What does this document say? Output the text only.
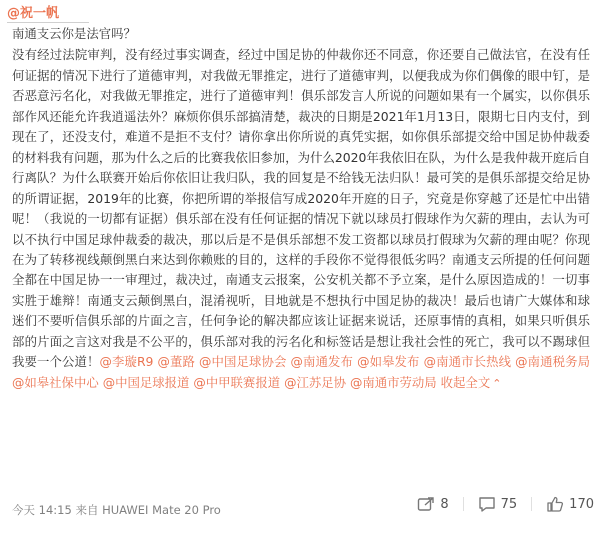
@祝一帆

南通支云你是法官吗？

没有经过法院审判，没有经过事实调查，经过中国足协的仲裁你还不同意，你还要自己做法官，在没有任何证据的情况下进行了道德审判，对我做无罪推定，进行了道德审判，以便我成为你们偶像的眼中钉，是否恶意污名化，对我做无罪推定，进行了道德审判！俱乐部发言人所说的问题如果有一个属实，以你俱乐部作风还能允许我逍遥法外？麻烦你俱乐部搞清楚，裁决的日期是2021年1月13日，限期七日内支付，到现在了，还没支付，难道不是拒不支付？请你拿出你所说的真凭实据，如你俱乐部提交给中国足协仲裁委的材料我有问题，那为什么之后的比赛我依旧参加，为什么2020年我依旧在队，为什么是我仲裁开庭后自行离队？为什么联赛开始后你依旧让我归队，我的回复是不给钱无法归队！最可笑的是俱乐部提交给足协的所谓证据，2019年的比赛，你把所谓的举报信写成2020年开庭的日子，究竟是你穿越了还是忙中出错呢！（我说的一切都有证据）俱乐部在没有任何证据的情况下就以球员打假球作为欠薪的理由，去认为可以不执行中国足球仲裁委的裁决，那以后是不是俱乐部想不发工资都以球员打假球为欠薪的理由呢？你现在为了转移视线颠倒黑白来达到你赖账的目的，这样的手段你不觉得很低劣吗？南通支云所提的任何问题全都在中国足协一一审理过，裁决过，南通支云报案，公安机关都不予立案，是什么原因造成的！一切事实胜于雄辩！南通支云颠倒黑白，混淆视听，目地就是不想执行中国足协的裁决！最后也请广大媒体和球迷们不要听信俱乐部的片面之言，任何争论的解决都应该让证据来说话，还原事情的真相，如果只听俱乐部的片面之言这对我是不公平的，俱乐部对我的污名化和标签话是想让我社会性的死亡，我可以不踢球但我要一个公道！@李璇R9 @董路 @中国足球协会 @南通发布 @如皋发布 @南通市长热线 @南通税务局 @如皋社保中心 @中国足球报道 @中甲联赛报道 @江苏足协 @南通市劳动局 收起全文 ⌃

今天 14:15 来自 HUAWEI Mate 20 Pro	8	75	170
